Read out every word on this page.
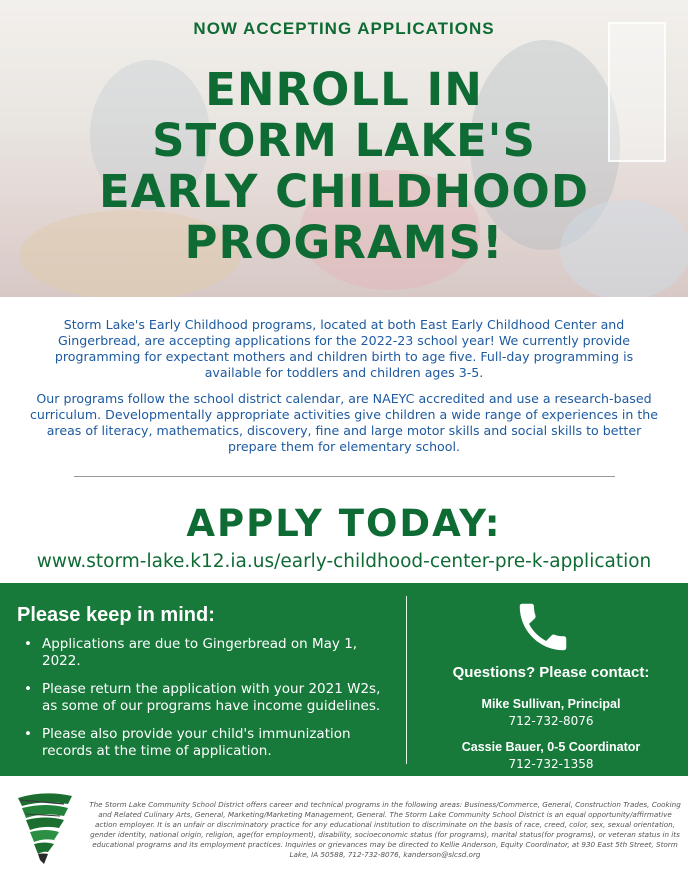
NOW ACCEPTING APPLICATIONS
ENROLL IN
STORM LAKE'S
EARLY CHILDHOOD
PROGRAMS!

Storm Lake's Early Childhood programs, located at both East Early Childhood Center and Gingerbread, are accepting applications for the 2022-23 school year! We currently provide programming for expectant mothers and children birth to age five. Full-day programming is available for toddlers and children ages 3-5.

Our programs follow the school district calendar, are NAEYC accredited and use a research-based curriculum. Developmentally appropriate activities give children a wide range of experiences in the areas of literacy, mathematics, discovery, fine and large motor skills and social skills to better prepare them for elementary school.

APPLY TODAY:
www.storm-lake.k12.ia.us/early-childhood-center-pre-k-application
Please keep in mind:
• Applications are due to Gingerbread on May 1, 2022.
• Please return the application with your 2021 W2s, as some of our programs have income guidelines.
• Please also provide your child's immunization records at the time of application.
Questions? Please contact:
Mike Sullivan, Principal
712-732-8076
Cassie Bauer, 0-5 Coordinator
712-732-1358
The Storm Lake Community School District offers career and technical programs in the following areas: Business/Commerce, General, Construction Trades, Cooking and Related Culinary Arts, General, Marketing/Marketing Management, General. The Storm Lake Community School District is an equal opportunity/affirmative action employer. It is an unfair or discriminatory practice for any educational institution to discriminate on the basis of race, creed, color, sex, sexual orientation, gender identity, national origin, religion, age(for employment), disability, socioeconomic status (for programs), marital status(for programs), or veteran status in its educational programs and its employment practices. Inquiries or grievances may be directed to Kellie Anderson, Equity Coordinator, at 930 East 5th Street, Storm Lake, IA 50588, 712-732-8076, kanderson@slcsd.org
